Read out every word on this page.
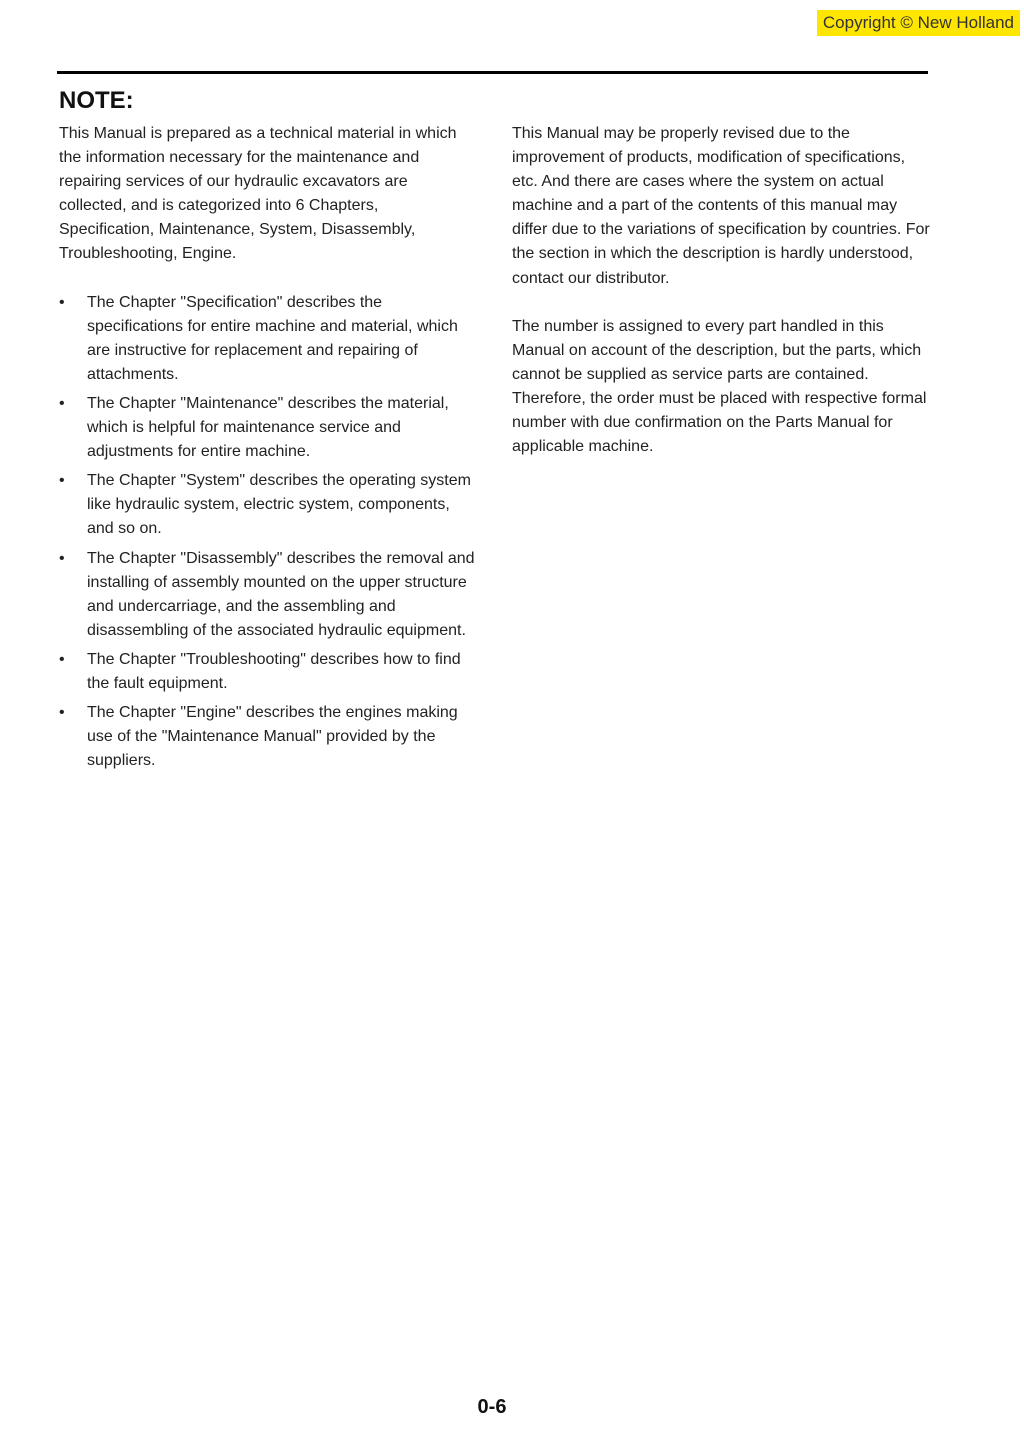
Copyright © New Holland
NOTE:

This Manual is prepared as a technical material in which the information necessary for the maintenance and repairing services of our hydraulic excavators are collected, and is categorized into 6 Chapters, Specification, Maintenance, System, Disassembly, Troubleshooting, Engine.

• The Chapter "Specification" describes the specifications for entire machine and material, which are instructive for replacement and repairing of attachments.
• The Chapter "Maintenance" describes the material, which is helpful for maintenance service and adjustments for entire machine.
• The Chapter "System" describes the operating system like hydraulic system, electric system, components, and so on.
• The Chapter "Disassembly" describes the removal and installing of assembly mounted on the upper structure and undercarriage, and the assembling and disassembling of the associated hydraulic equipment.
• The Chapter "Troubleshooting" describes how to find the fault equipment.
• The Chapter "Engine" describes the engines making use of the "Maintenance Manual" provided by the suppliers.

This Manual may be properly revised due to the improvement of products, modification of specifications, etc. And there are cases where the system on actual machine and a part of the contents of this manual may differ due to the variations of specification by countries. For the section in which the description is hardly understood, contact our distributor.

The number is assigned to every part handled in this Manual on account of the description, but the parts, which cannot be supplied as service parts are contained. Therefore, the order must be placed with respective formal number with due confirmation on the Parts Manual for applicable machine.

0-6
